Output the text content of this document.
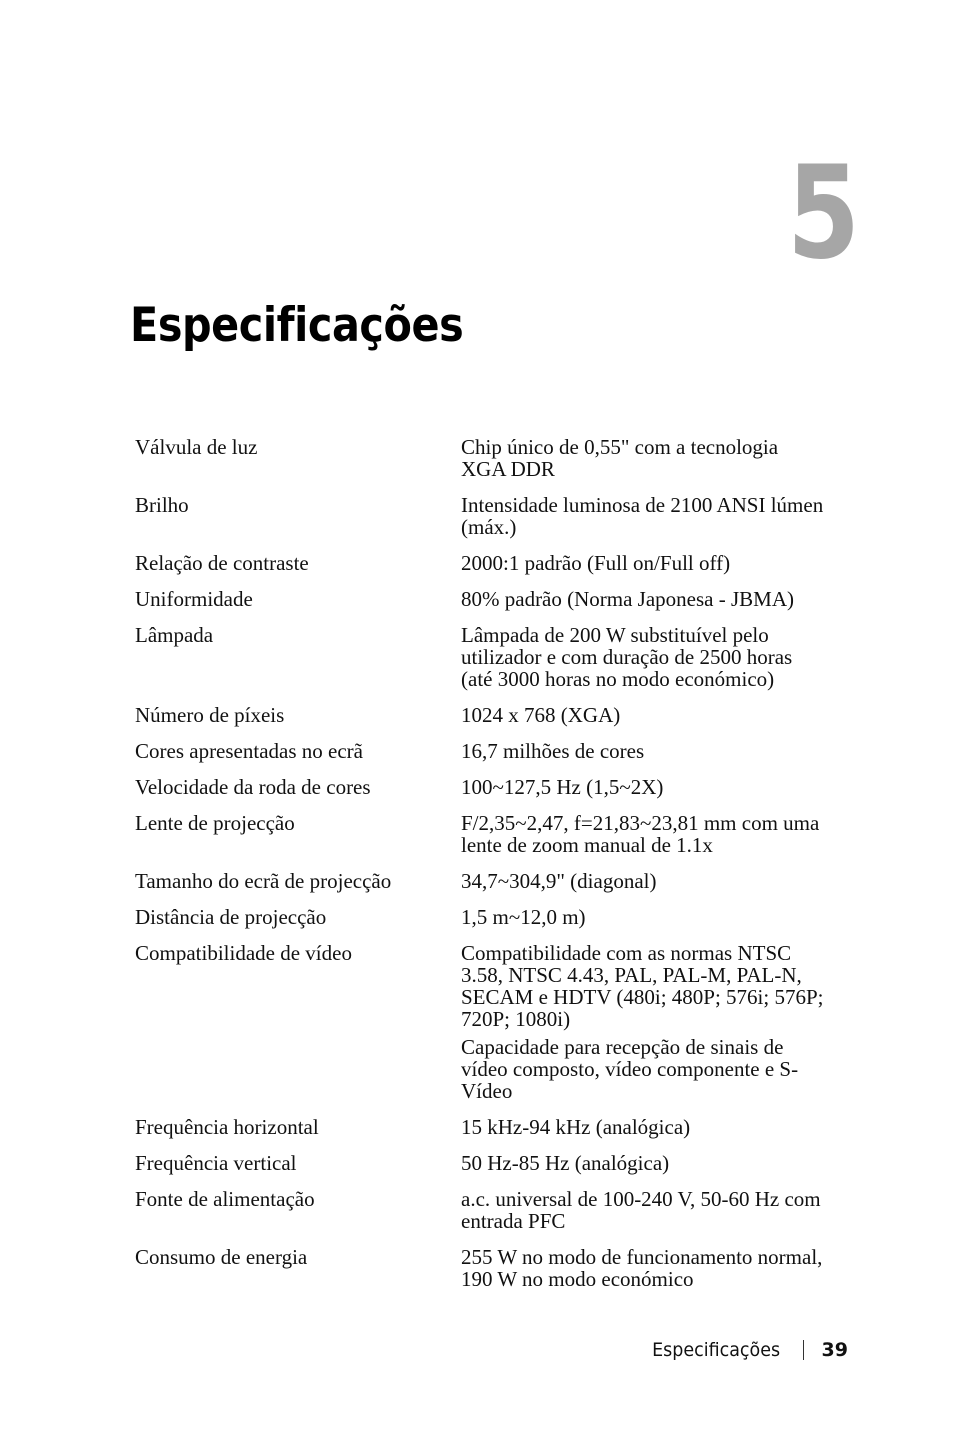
5
Especificações
Válvula de luz	Chip único de 0,55" com a tecnologia XGA DDR
Brilho	Intensidade luminosa de 2100 ANSI lúmen (máx.)
Relação de contraste	2000:1 padrão (Full on/Full off)
Uniformidade	80% padrão (Norma Japonesa - JBMA)
Lâmpada	Lâmpada de 200 W substituível pelo utilizador e com duração de 2500 horas (até 3000 horas no modo económico)
Número de píxeis	1024 x 768 (XGA)
Cores apresentadas no ecrã	16,7 milhões de cores
Velocidade da roda de cores	100~127,5 Hz (1,5~2X)
Lente de projecção	F/2,35~2,47, f=21,83~23,81 mm com uma lente de zoom manual de 1.1x
Tamanho do ecrã de projecção	34,7~304,9" (diagonal)
Distância de projecção	1,5 m~12,0 m)
Compatibilidade de vídeo	Compatibilidade com as normas NTSC 3.58, NTSC 4.43, PAL, PAL-M, PAL-N, SECAM e HDTV (480i; 480P; 576i; 576P; 720P; 1080i)
Capacidade para recepção de sinais de vídeo composto, vídeo componente e S-Vídeo
Frequência horizontal	15 kHz-94 kHz (analógica)
Frequência vertical	50 Hz-85 Hz (analógica)
Fonte de alimentação	a.c. universal de 100-240 V, 50-60 Hz com entrada PFC
Consumo de energia	255 W no modo de funcionamento normal, 190 W no modo económico
Especificações 39
